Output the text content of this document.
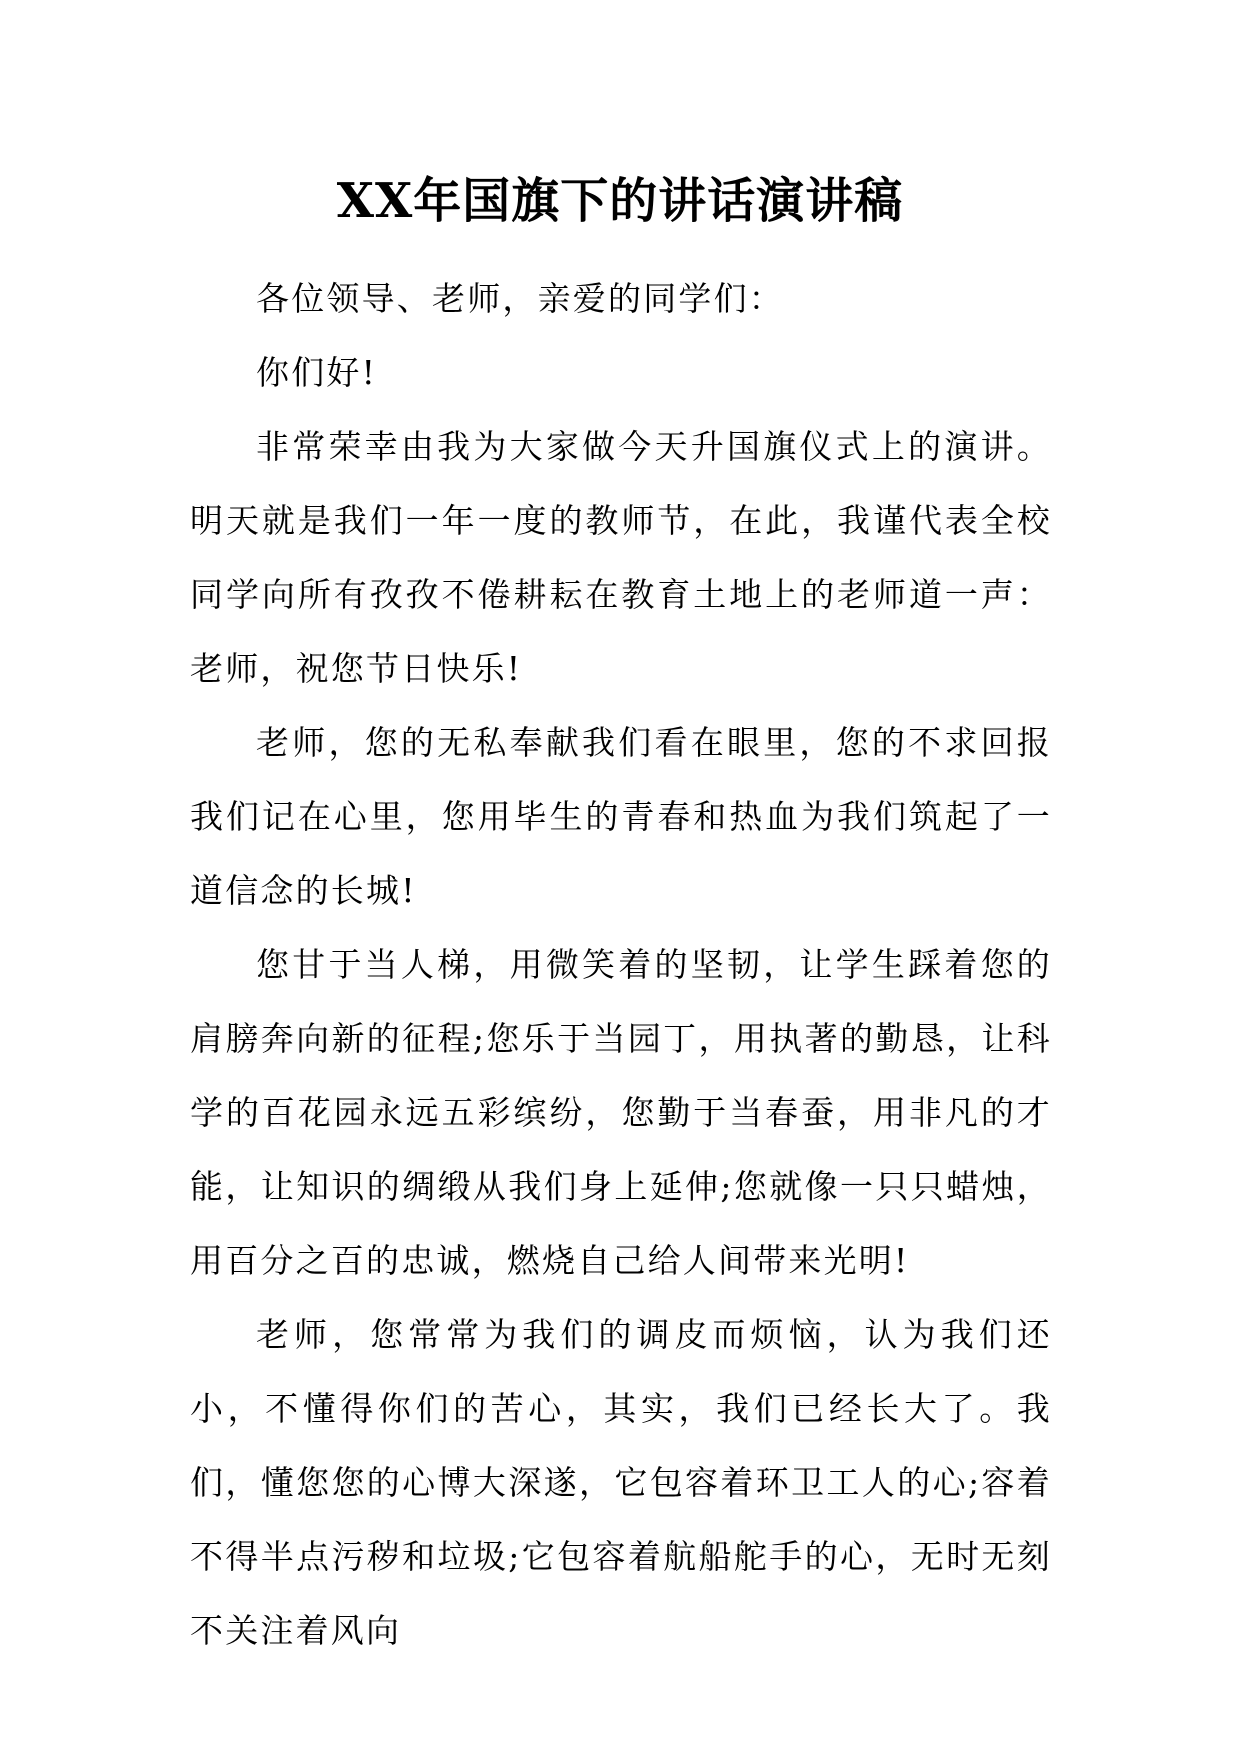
XX年国旗下的讲话演讲稿

各位领导、老师，亲爱的同学们：

你们好!

非常荣幸由我为大家做今天升国旗仪式上的演讲。明天就是我们一年一度的教师节，在此，我谨代表全校同学向所有孜孜不倦耕耘在教育土地上的老师道一声：老师，祝您节日快乐!

老师，您的无私奉献我们看在眼里，您的不求回报我们记在心里，您用毕生的青春和热血为我们筑起了一道信念的长城!

您甘于当人梯，用微笑着的坚韧，让学生踩着您的肩膀奔向新的征程;您乐于当园丁，用执著的勤恳，让科学的百花园永远五彩缤纷，您勤于当春蚕，用非凡的才能，让知识的绸缎从我们身上延伸;您就像一只只蜡烛，用百分之百的忠诚，燃烧自己给人间带来光明!

老师，您常常为我们的调皮而烦恼，认为我们还小，不懂得你们的苦心，其实，我们已经长大了。我们，懂您您的心博大深遂，它包容着环卫工人的心;容着不得半点污秽和垃圾;它包容着航船舵手的心，无时无刻不关注着风向
